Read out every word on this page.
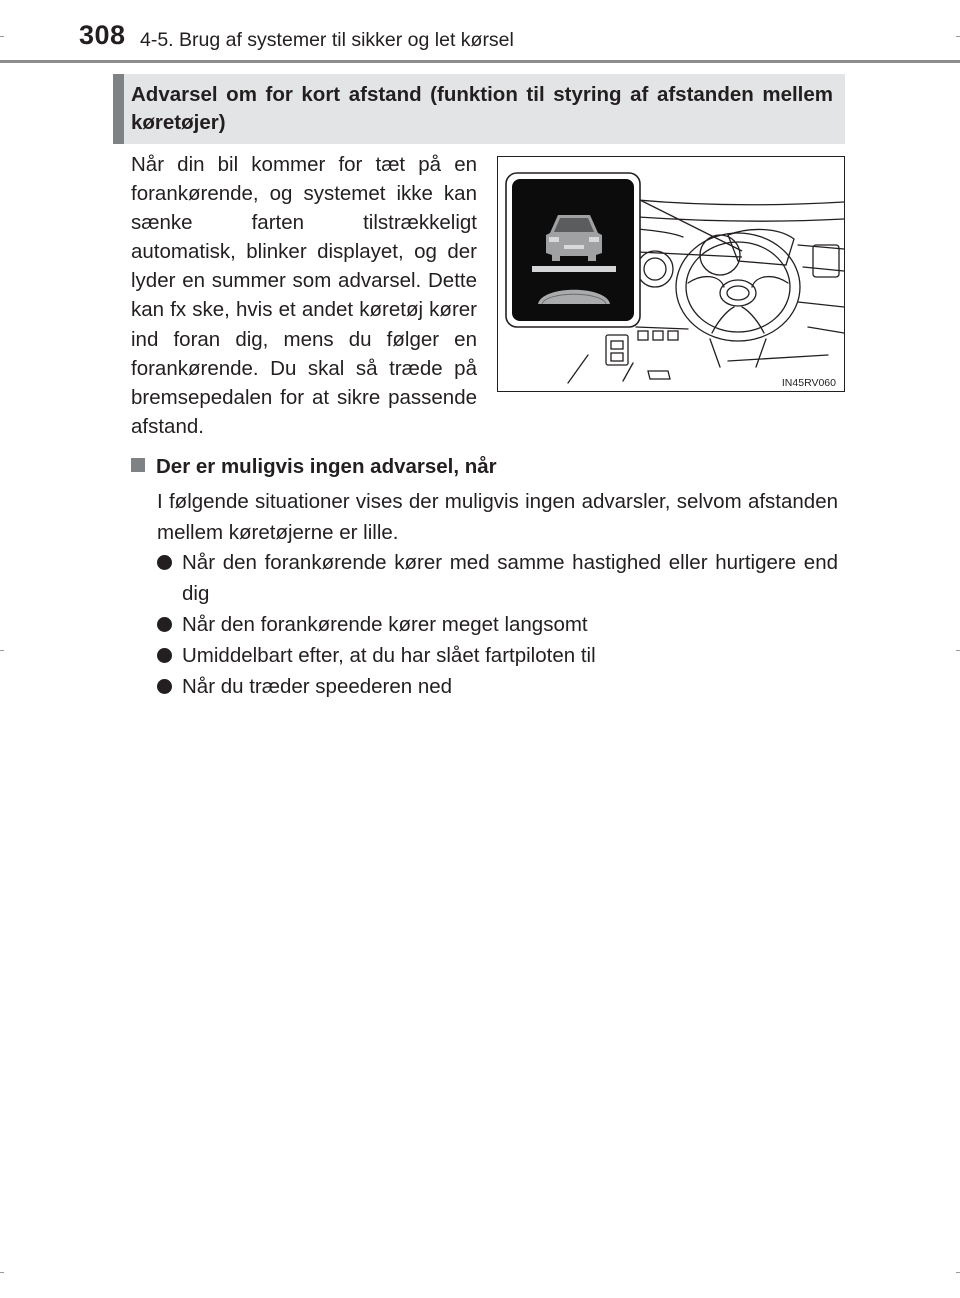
308 4-5. Brug af systemer til sikker og let kørsel
Advarsel om for kort afstand (funktion til styring af afstanden mellem køretøjer)

Når din bil kommer for tæt på en forankørende, og systemet ikke kan sænke farten tilstrækkeligt automatisk, blinker displayet, og der lyder en summer som advarsel. Dette kan fx ske, hvis et andet køretøj kører ind foran dig, mens du følger en forankørende. Du skal så træde på bremsepedalen for at sikre passende afstand.

IN45RV060
Der er muligvis ingen advarsel, når

I følgende situationer vises der muligvis ingen advarsler, selvom afstanden mellem køretøjerne er lille.

Når den forankørende kører med samme hastighed eller hurtigere end dig
Når den forankørende kører meget langsomt
Umiddelbart efter, at du har slået fartpiloten til
Når du træder speederen ned
